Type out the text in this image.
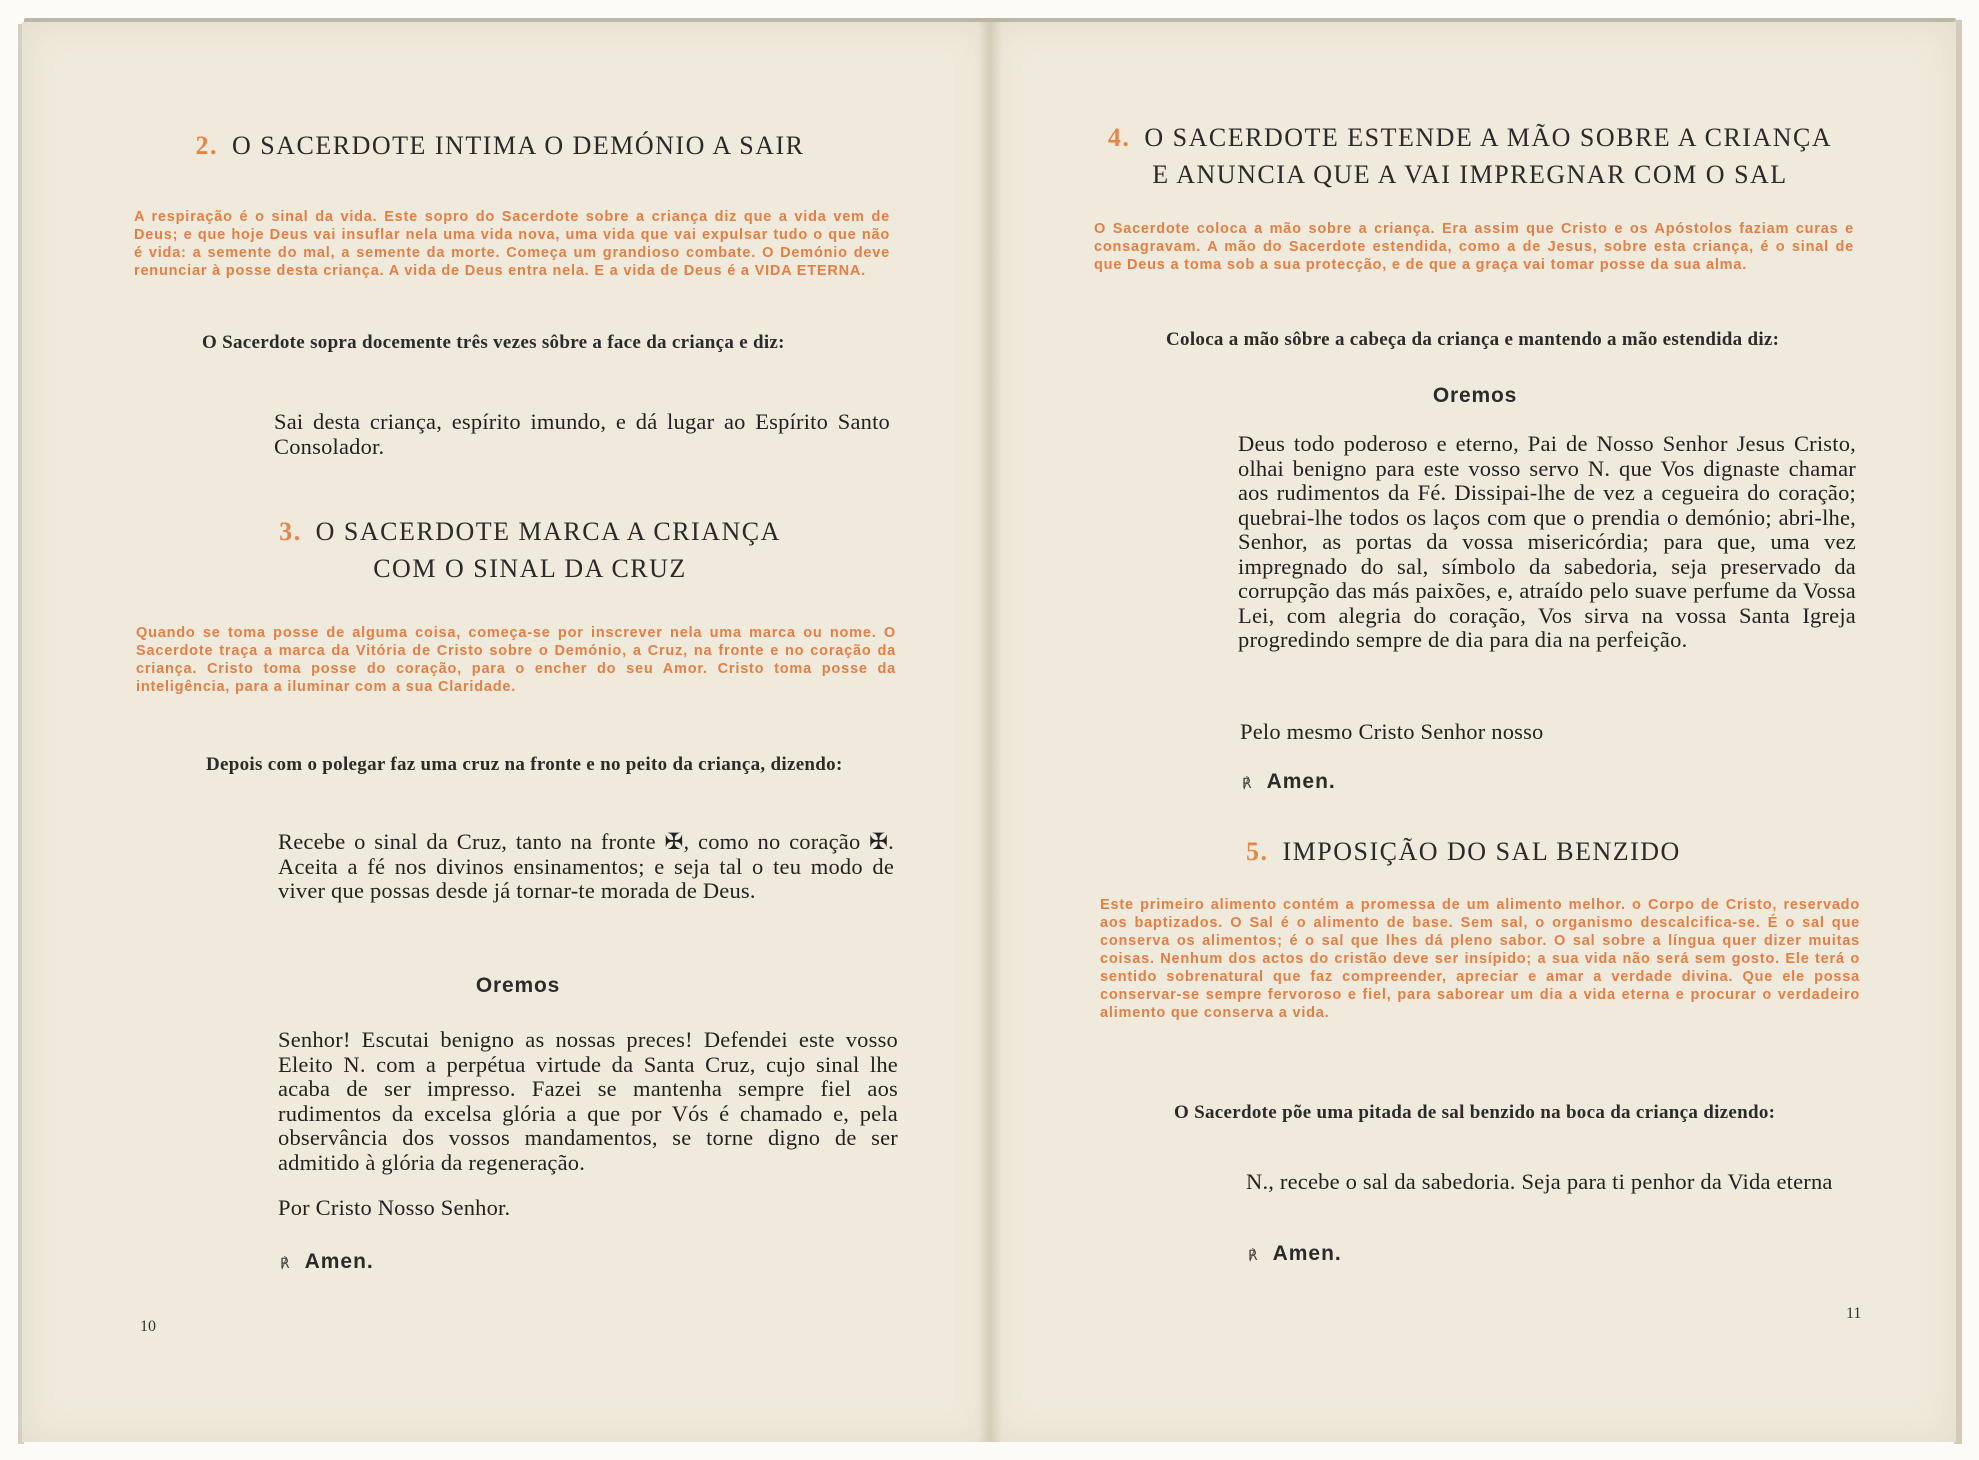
2. O SACERDOTE INTIMA O DEMÓNIO A SAIR
A respiração é o sinal da vida. Este sopro do Sacerdote sobre a criança diz que a vida vem de Deus; e que hoje Deus vai insuflar nela uma vida nova, uma vida que vai expulsar tudo o que não é vida: a semente do mal, a semente da morte. Começa um grandioso combate. O Demónio deve renunciar à posse desta criança. A vida de Deus entra nela. E a vida de Deus é a VIDA ETERNA.
O Sacerdote sopra docemente três vezes sôbre a face da criança e diz:
Sai desta criança, espírito imundo, e dá lugar ao Espírito Santo Consolador.
3. O SACERDOTE MARCA A CRIANÇA
COM O SINAL DA CRUZ
Quando se toma posse de alguma coisa, começa-se por inscrever nela uma marca ou nome. O Sacerdote traça a marca da Vitória de Cristo sobre o Demónio, a Cruz, na fronte e no coração da criança. Cristo toma posse do coração, para o encher do seu Amor. Cristo toma posse da inteligência, para a iluminar com a sua Claridade.
Depois com o polegar faz uma cruz na fronte e no peito da criança, dizendo:
Recebe o sinal da Cruz, tanto na fronte ✠, como no coração ✠. Aceita a fé nos divinos ensinamentos; e seja tal o teu modo de viver que possas desde já tornar-te morada de Deus.
Oremos
Senhor! Escutai benigno as nossas preces! Defendei este vosso Eleito N. com a perpétua virtude da Santa Cruz, cujo sinal lhe acaba de ser impresso. Fazei se mantenha sempre fiel aos rudimentos da excelsa glória a que por Vós é chamado e, pela observância dos vossos mandamentos, se torne digno de ser admitido à glória da regeneração.
Por Cristo Nosso Senhor.
℟ Amen.
10
4. O SACERDOTE ESTENDE A MÃO SOBRE A CRIANÇA
E ANUNCIA QUE A VAI IMPREGNAR COM O SAL
O Sacerdote coloca a mão sobre a criança. Era assim que Cristo e os Apóstolos faziam curas e consagravam. A mão do Sacerdote estendida, como a de Jesus, sobre esta criança, é o sinal de que Deus a toma sob a sua protecção, e de que a graça vai tomar posse da sua alma.
Coloca a mão sôbre a cabeça da criança e mantendo a mão estendida diz:
Oremos
Deus todo poderoso e eterno, Pai de Nosso Senhor Jesus Cristo, olhai benigno para este vosso servo N. que Vos dignaste chamar aos rudimentos da Fé. Dissipai-lhe de vez a cegueira do coração; quebrai-lhe todos os laços com que o prendia o demónio; abri-lhe, Senhor, as portas da vossa misericórdia; para que, uma vez impregnado do sal, símbolo da sabedoria, seja preservado da corrupção das más paixões, e, atraído pelo suave perfume da Vossa Lei, com alegria do coração, Vos sirva na vossa Santa Igreja progredindo sempre de dia para dia na perfeição.
Pelo mesmo Cristo Senhor nosso
℟ Amen.
5. IMPOSIÇÃO DO SAL BENZIDO
Este primeiro alimento contém a promessa de um alimento melhor. o Corpo de Cristo, reservado aos baptizados. O Sal é o alimento de base. Sem sal, o organismo descalcifica-se. É o sal que conserva os alimentos; é o sal que lhes dá pleno sabor. O sal sobre a língua quer dizer muitas coisas. Nenhum dos actos do cristão deve ser insípido; a sua vida não será sem gosto. Ele terá o sentido sobrenatural que faz compreender, apreciar e amar a verdade divina. Que ele possa conservar-se sempre fervoroso e fiel, para saborear um dia a vida eterna e procurar o verdadeiro alimento que conserva a vida.
O Sacerdote põe uma pitada de sal benzido na boca da criança dizendo:
N., recebe o sal da sabedoria. Seja para ti penhor da Vida eterna
℟ Amen.
11
